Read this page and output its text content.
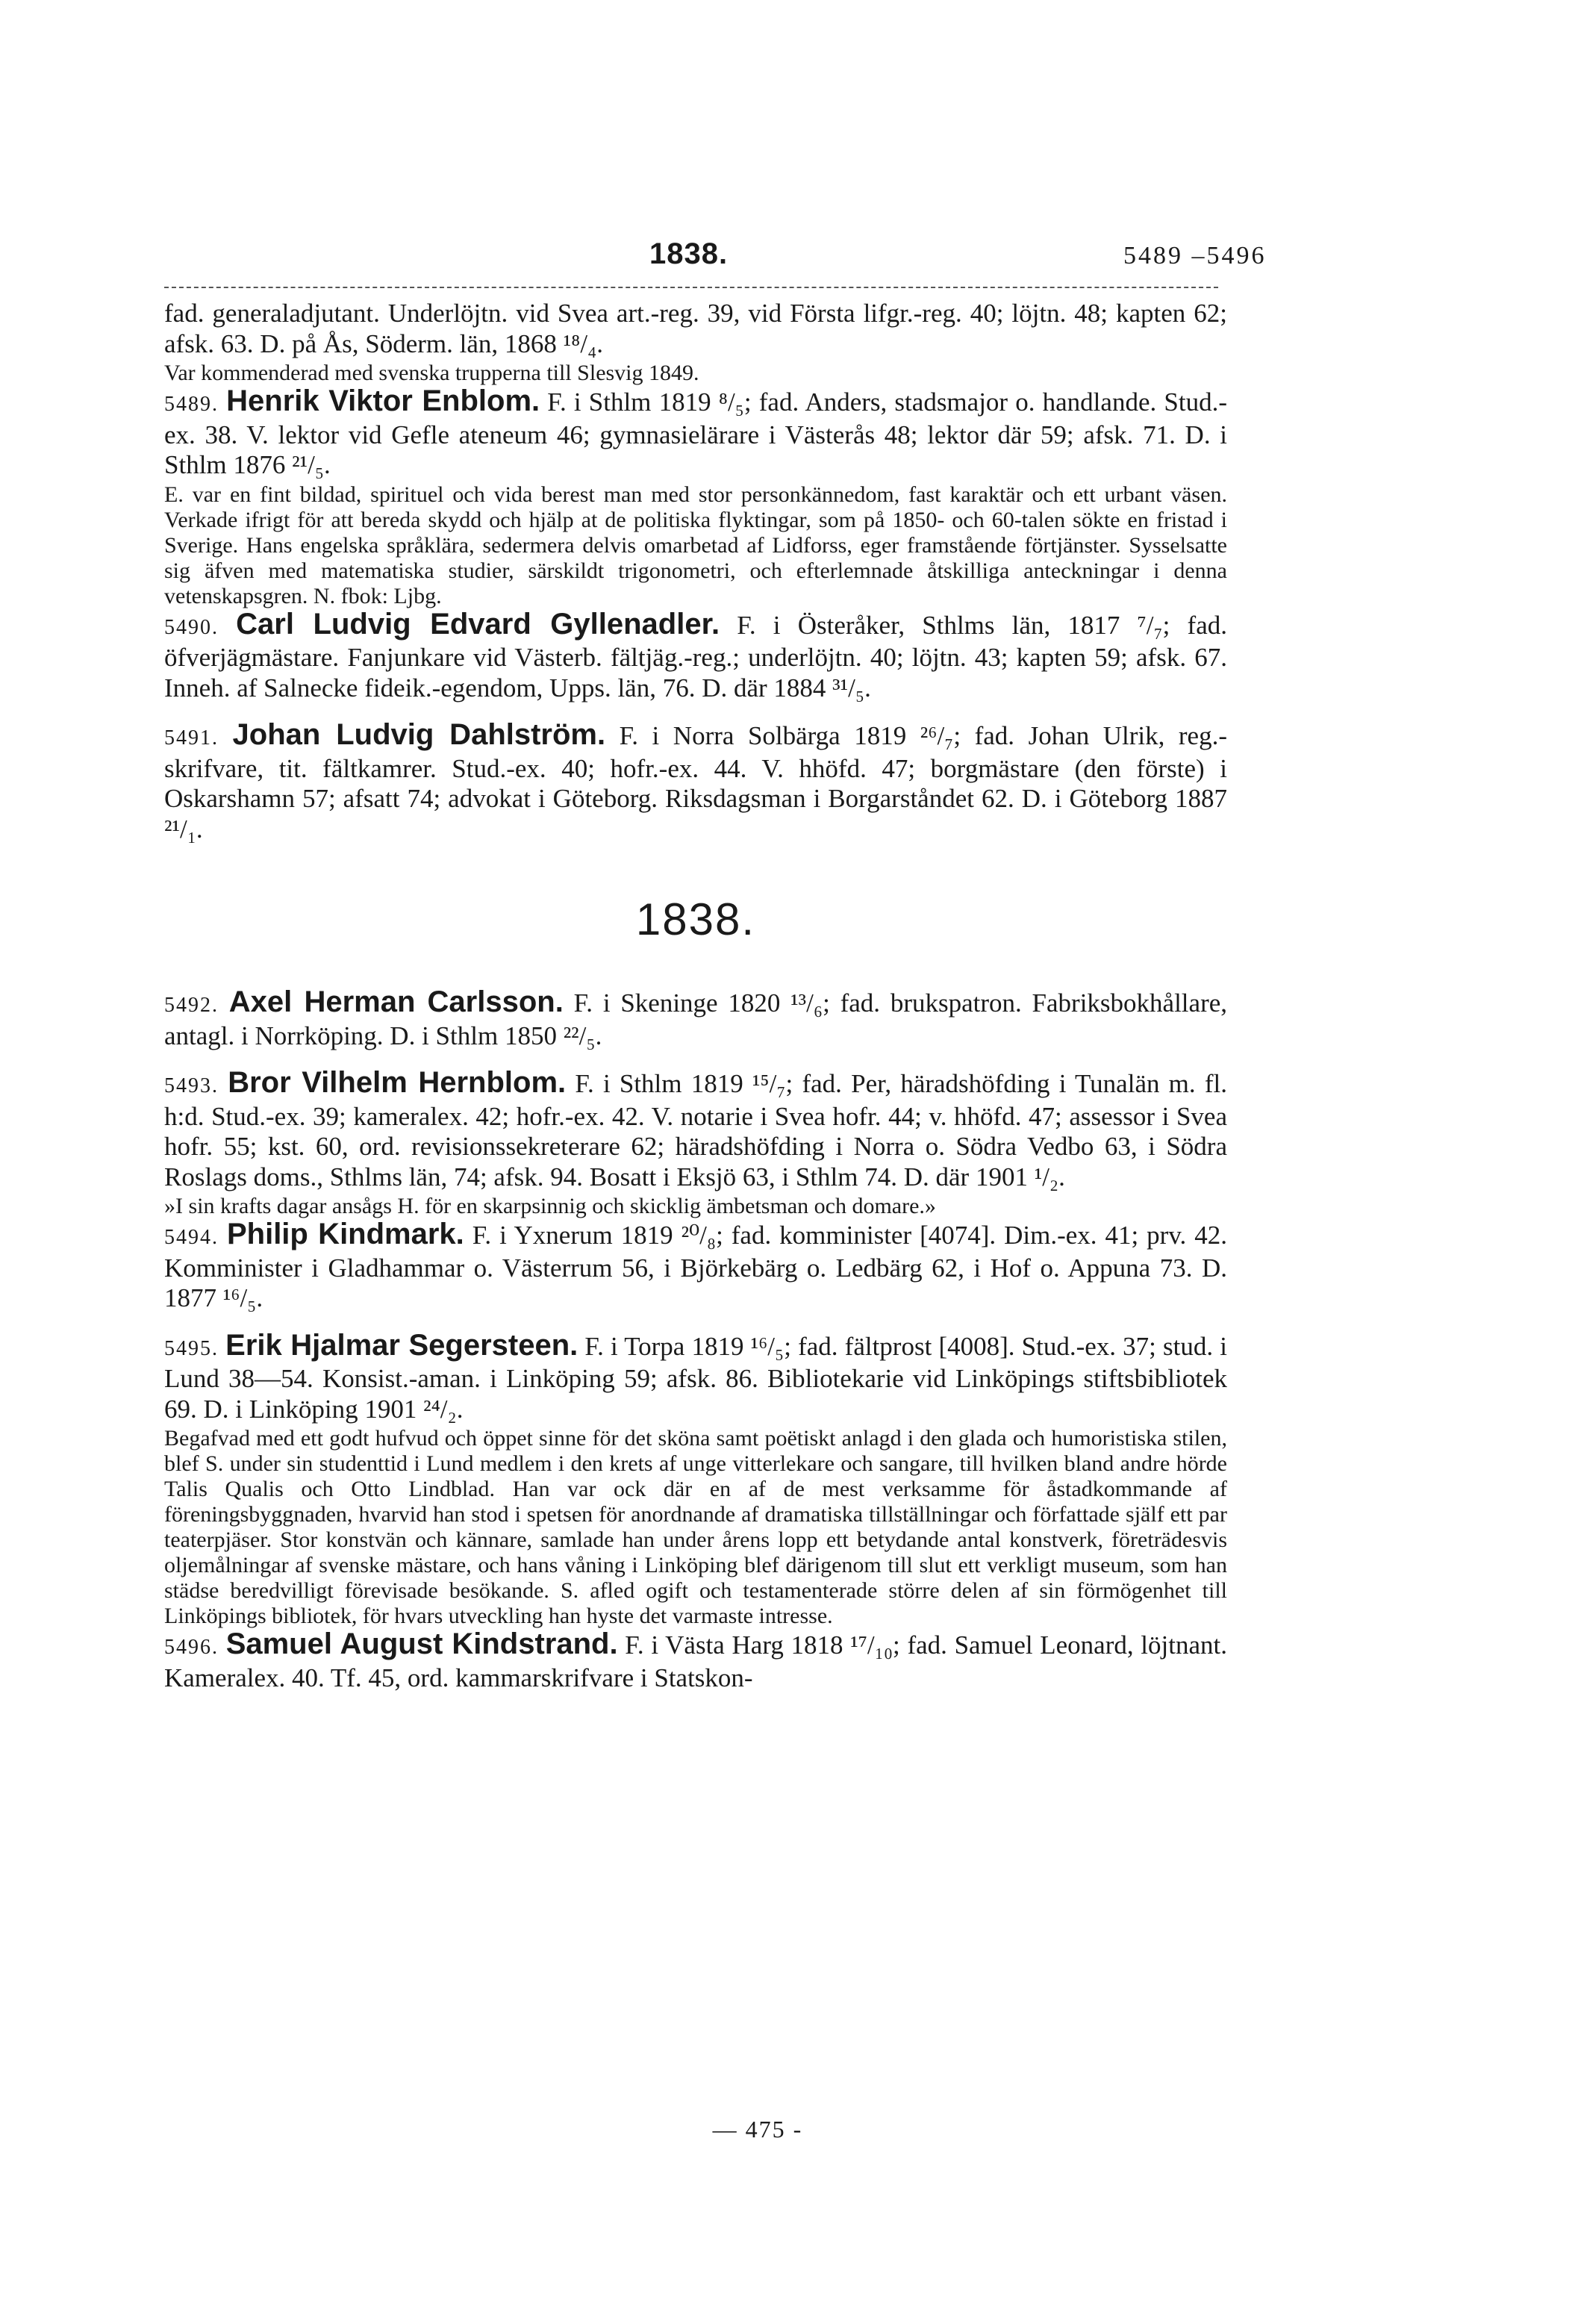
1838.	5489 –5496

fad. generaladjutant. Underlöjtn. vid Svea art.-reg. 39, vid Första lifgr.-reg. 40; löjtn. 48; kapten 62; afsk. 63. D. på Ås, Söderm. län, 1868 ¹⁸/₄.

Var kommenderad med svenska trupperna till Slesvig 1849.

5489. Henrik Viktor Enblom. F. i Sthlm 1819 ⁸/₅; fad. Anders, stadsmajor o. handlande. Stud.-ex. 38. V. lektor vid Gefle ateneum 46; gymnasielärare i Västerås 48; lektor där 59; afsk. 71. D. i Sthlm 1876 ²¹/₅.

E. var en fint bildad, spirituel och vida berest man med stor personkännedom, fast karaktär och ett urbant väsen. Verkade ifrigt för att bereda skydd och hjälp at de politiska flyktingar, som på 1850- och 60-talen sökte en fristad i Sverige. Hans engelska språklära, sedermera delvis omarbetad af Lidforss, eger framstående förtjänster. Sysselsatte sig äfven med matematiska studier, särskildt trigonometri, och efterlemnade åtskilliga anteckningar i denna vetenskapsgren. N. fbok: Ljbg.

5490. Carl Ludvig Edvard Gyllenadler. F. i Österåker, Sthlms län, 1817 ⁷/₇; fad. öfverjägmästare. Fanjunkare vid Västerb. fältjäg.-reg.; underlöjtn. 40; löjtn. 43; kapten 59; afsk. 67. Inneh. af Salnecke fideik.-egendom, Upps. län, 76. D. där 1884 ³¹/₅.

5491. Johan Ludvig Dahlström. F. i Norra Solbärga 1819 ²⁶/₇; fad. Johan Ulrik, reg.-skrifvare, tit. fältkamrer. Stud.-ex. 40; hofr.-ex. 44. V. hhöfd. 47; borgmästare (den förste) i Oskarshamn 57; afsatt 74; advokat i Göteborg. Riksdagsman i Borgarståndet 62. D. i Göteborg 1887 ²¹/₁.

1838.

5492. Axel Herman Carlsson. F. i Skeninge 1820 ¹³/₆; fad. brukspatron. Fabriksbokhållare, antagl. i Norrköping. D. i Sthlm 1850 ²²/₅.

5493. Bror Vilhelm Hernblom. F. i Sthlm 1819 ¹⁵/₇; fad. Per, häradshöfding i Tunalän m. fl. h:d. Stud.-ex. 39; kameralex. 42; hofr.-ex. 42. V. notarie i Svea hofr. 44; v. hhöfd. 47; assessor i Svea hofr. 55; kst. 60, ord. revisionssekreterare 62; häradshöfding i Norra o. Södra Vedbo 63, i Södra Roslags doms., Sthlms län, 74; afsk. 94. Bosatt i Eksjö 63, i Sthlm 74. D. där 1901 ¹/₂.

»I sin krafts dagar ansågs H. för en skarpsinnig och skicklig ämbetsman och domare.»

5494. Philip Kindmark. F. i Yxnerum 1819 ²⁰/₈; fad. komminister [4074]. Dim.-ex. 41; prv. 42. Komminister i Gladhammar o. Västerrum 56, i Björkebärg o. Ledbärg 62, i Hof o. Appuna 73. D. 1877 ¹⁶/₅.

5495. Erik Hjalmar Segersteen. F. i Torpa 1819 ¹⁶/₅; fad. fältprost [4008]. Stud.-ex. 37; stud. i Lund 38—54. Konsist.-aman. i Linköping 59; afsk. 86. Bibliotekarie vid Linköpings stiftsbibliotek 69. D. i Linköping 1901 ²⁴/₂.

Begafvad med ett godt hufvud och öppet sinne för det sköna samt poëtiskt anlagd i den glada och humoristiska stilen, blef S. under sin studenttid i Lund medlem i den krets af unge vitterlekare och sangare, till hvilken bland andre hörde Talis Qualis och Otto Lindblad. Han var ock där en af de mest verksamme för åstadkommande af föreningsbyggnaden, hvarvid han stod i spetsen för anordnande af dramatiska tillställningar och författade själf ett par teaterpjäser. Stor konstvän och kännare, samlade han under årens lopp ett betydande antal konstverk, företrädesvis oljemålningar af svenske mästare, och hans våning i Linköping blef därigenom till slut ett verkligt museum, som han städse beredvilligt förevisade besökande. S. afled ogift och testamenterade större delen af sin förmögenhet till Linköpings bibliotek, för hvars utveckling han hyste det varmaste intresse.

5496. Samuel August Kindstrand. F. i Västa Harg 1818 ¹⁷/₁₀; fad. Samuel Leonard, löjtnant. Kameralex. 40. Tf. 45, ord. kammarskrifvare i Statskon-

— 475 -
